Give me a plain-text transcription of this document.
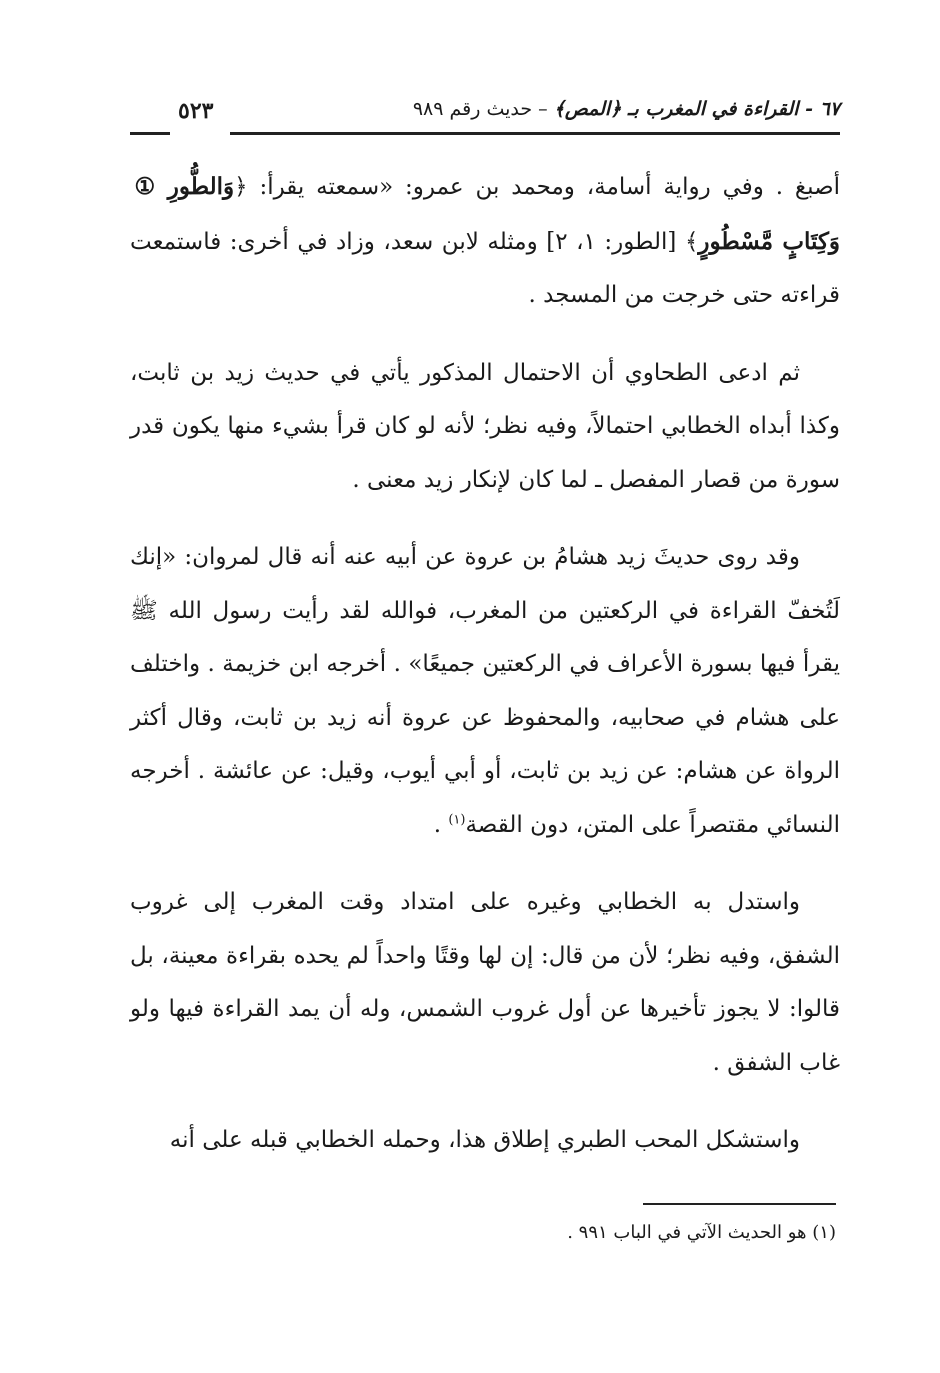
٦٧ - القراءة في المغرب بـ ﴿المص﴾ – حديث رقم ٩٨٩
٥٢٣

أصبغ . وفي رواية أسامة، ومحمد بن عمرو: «سمعته يقرأ: ﴿وَالطُّورِ ① وَكِتَابٍ مَّسْطُورٍ﴾ [الطور: ١، ٢] ومثله لابن سعد، وزاد في أخرى: فاستمعت قراءته حتى خرجت من المسجد .

ثم ادعى الطحاوي أن الاحتمال المذكور يأتي في حديث زيد بن ثابت، وكذا أبداه الخطابي احتمالاً، وفيه نظر؛ لأنه لو كان قرأ بشيء منها يكون قدر سورة من قصار المفصل ـ لما كان لإنكار زيد معنى .

وقد روى حديثَ زيد هشامُ بن عروة عن أبيه عنه أنه قال لمروان: «إنك لَتُخفّ القراءة في الركعتين من المغرب، فوالله لقد رأيت رسول الله ﷺ يقرأ فيها بسورة الأعراف في الركعتين جميعًا» . أخرجه ابن خزيمة . واختلف على هشام في صحابيه، والمحفوظ عن عروة أنه زيد بن ثابت، وقال أكثر الرواة عن هشام: عن زيد بن ثابت، أو أبي أيوب، وقيل: عن عائشة . أخرجه النسائي مقتصراً على المتن، دون القصة$^{(١)}$ .

واستدل به الخطابي وغيره على امتداد وقت المغرب إلى غروب الشفق، وفيه نظر؛ لأن من قال: إن لها وقتًا واحداً لم يحده بقراءة معينة، بل قالوا: لا يجوز تأخيرها عن أول غروب الشمس، وله أن يمد القراءة فيها ولو غاب الشفق .

واستشكل المحب الطبري إطلاق هذا، وحمله الخطابي قبله على أنه

(١) هو الحديث الآتي في الباب ٩٩١ .
